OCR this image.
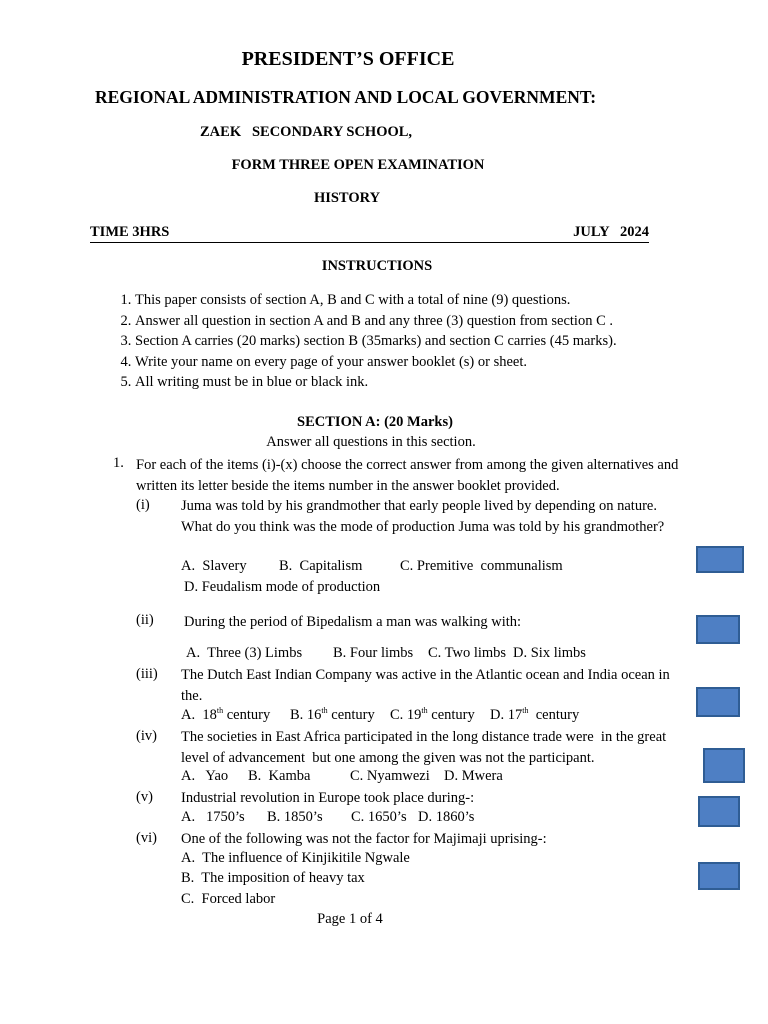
PRESIDENT’S OFFICE
REGIONAL ADMINISTRATION AND LOCAL GOVERNMENT:
ZAEK   SECONDARY SCHOOL,
FORM THREE OPEN EXAMINATION
HISTORY
TIME 3HRS	JULY   2024
INSTRUCTIONS
1. This paper consists of section A, B and C with a total of nine (9) questions.
2. Answer all question in section A and B and any three (3) question from section C .
3. Section A carries (20 marks) section B (35marks) and section C carries (45 marks).
4. Write your name on every page of your answer booklet (s) or sheet.
5. All writing must be in blue or black ink.
SECTION A: (20 Marks)
Answer all questions in this section.
1. For each of the items (i)-(x) choose the correct answer from among the given alternatives and written its letter beside the items number in the answer booklet provided.
(i) Juma was told by his grandmother that early people lived by depending on nature. What do you think was the mode of production Juma was told by his grandmother?
A.  Slavery B.  Capitalism	C. Premitive  communalism
D. Feudalism mode of production
(ii) During the period of Bipedalism a man was walking with:
A.  Three (3) Limbs B. Four limbs C. Two limbs D. Six limbs
(iii) The Dutch East Indian Company was active in the Atlantic ocean and India ocean in the.
A.  18th century B. 16th century C. 19th century D. 17th  century
(iv) The societies in East Africa participated in the long distance trade were  in the great level of advancement  but one among the given was not the participant.
A.   Yao B.  Kamba	C. Nyamwezi D. Mwera
(v) Industrial revolution in Europe took place during-:
A.   1750’s B. 1850’s C. 1650’s D. 1860’s
(vi) One of the following was not the factor for Majimaji uprising-:
A.  The influence of Kinjikitile Ngwale
B.  The imposition of heavy tax
C.  Forced labor
Page 1 of 4
